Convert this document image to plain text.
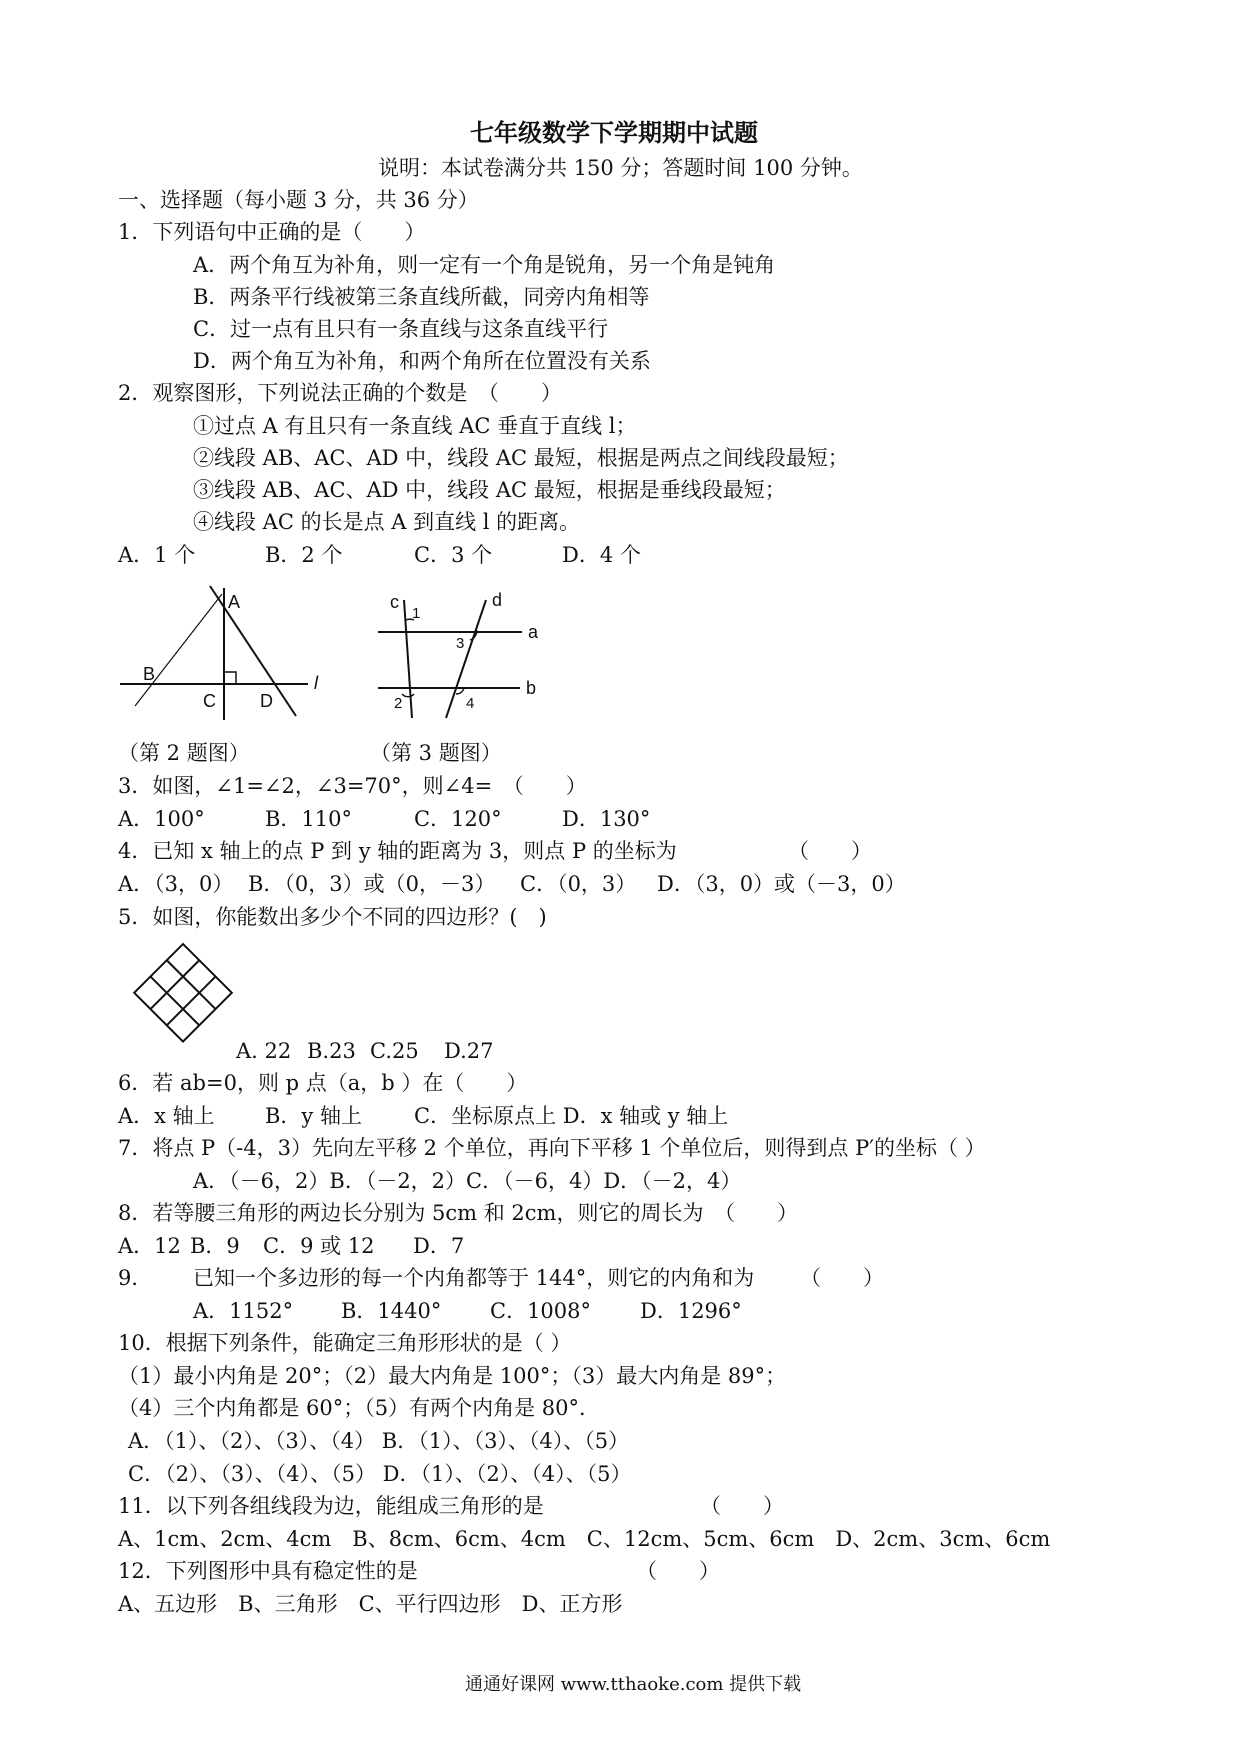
七年级数学下学期期中试题
说明：本试卷满分共 150 分；答题时间 100 分钟。
一、选择题（每小题 3 分，共 36 分）
1．下列语句中正确的是（　　）
A．两个角互为补角，则一定有一个角是锐角，另一个角是钝角
B．两条平行线被第三条直线所截，同旁内角相等
C．过一点有且只有一条直线与这条直线平行
D．两个角互为补角，和两个角所在位置没有关系
2．观察图形，下列说法正确的个数是　（　　）
①过点 A 有且只有一条直线 AC 垂直于直线 l；
②线段 AB、AC、AD 中，线段 AC 最短，根据是两点之间线段最短；
③线段 AB、AC、AD 中，线段 AC 最短，根据是垂线段最短；
④线段 AC 的长是点 A 到直线 l 的距离。
A．1 个	B．2 个	C．3 个	D．4 个
A
B
C D
l
c
1
d
3
a
b
2	4
（第 2 题图）	（第 3 题图）
3．如图，∠1=∠2，∠3=70°，则∠4=　（　　）
A．100°	B．110°	C．120°	D．130°
4．已知 x 轴上的点 P 到 y 轴的距离为 3，则点 P 的坐标为	（　　）
A．（3，0） B．（0，3）或（0，－3） C．（0，3） D．（3，0）或（－3，0）
5．如图，你能数出多少个不同的四边形？(　)
A. 22 B.23 C.25 D.27
6．若 ab=0，则 p 点（a，b ）在（　　）
A．x 轴上 B．y 轴上 C．坐标原点上 D．x 轴或 y 轴上
7．将点 P（-4，3）先向左平移 2 个单位，再向下平移 1 个单位后，则得到点 P′的坐标（ ）
A．（－6，2）B．（－2，2）C．（－6，4）D．（－2，4）
8．若等腰三角形的两边长分别为 5cm 和 2cm，则它的周长为　（　　）
A．12 B．9 C．9 或 12 D．7
9． 已知一个多边形的每一个内角都等于 144°，则它的内角和为 （　　）
A．1152° B．1440° C．1008° D．1296°
10．根据下列条件，能确定三角形形状的是（ ）
（1）最小内角是 20°；（2）最大内角是 100°；（3）最大内角是 89°；
（4）三个内角都是 60°；（5）有两个内角是 80°．
A．（1）、（2）、（3）、（4） B．（1）、（3）、（4）、（5）
C．（2）、（3）、（4）、（5） D．（1）、（2）、（4）、（5）
11．以下列各组线段为边，能组成三角形的是	（　　）
A、1cm、2cm、4cm　B、8cm、6cm、4cm　C、12cm、5cm、6cm　D、2cm、3cm、6cm
12．下列图形中具有稳定性的是	（　　）
A、五边形　B、三角形　C、平行四边形　D、正方形
通通好课网 www.tthaoke.com 提供下载
